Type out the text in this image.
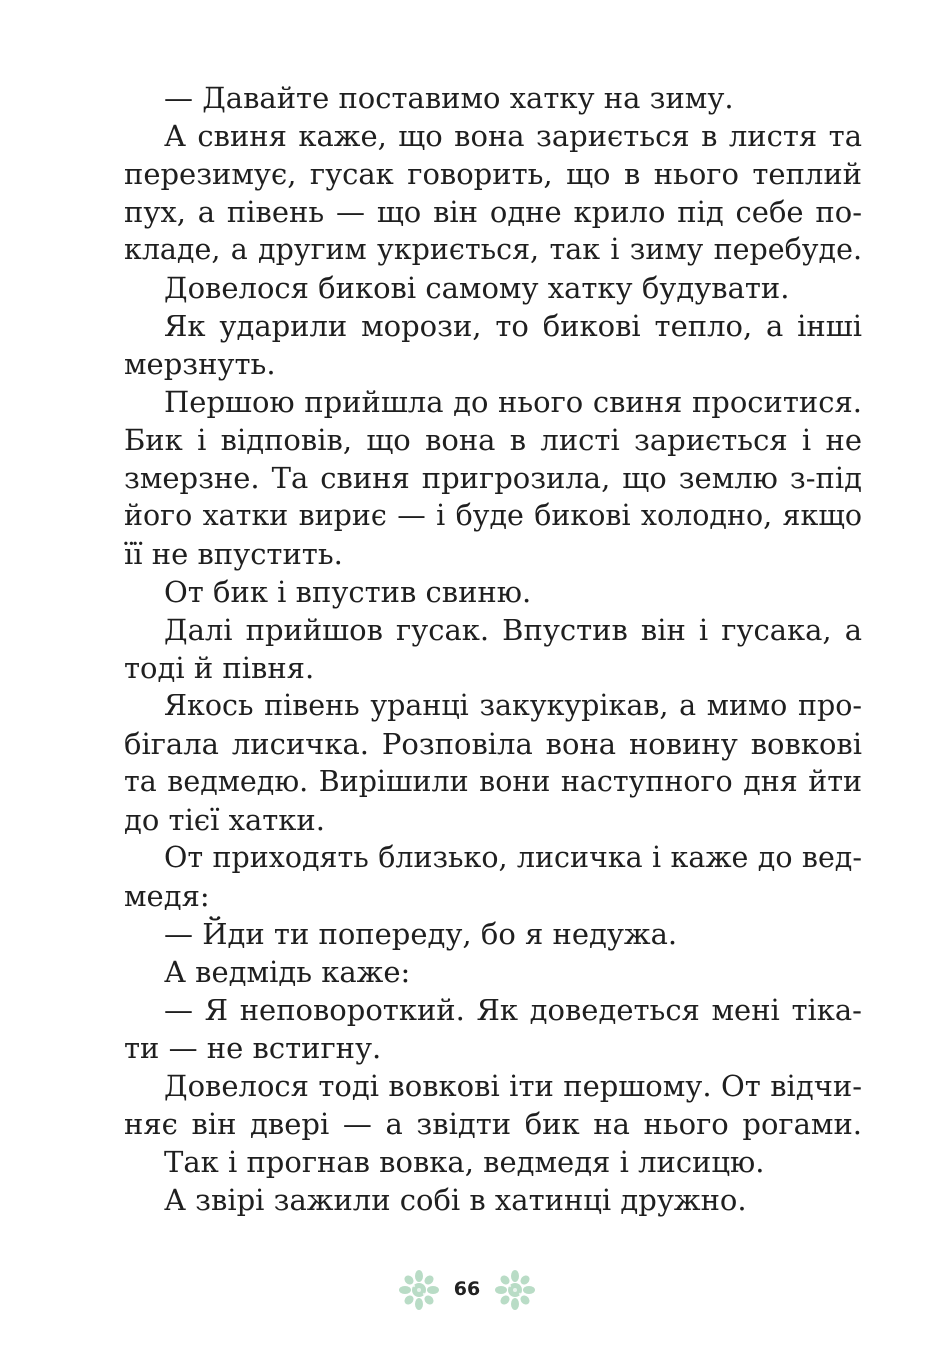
— Давайте поставимо хатку на зиму.
А свиня каже, що вона зариється в листя та
перезимує, гусак говорить, що в нього теплий
пух, а півень — що він одне крило під себе по-
кладе, а другим укриється, так і зиму перебуде.
Довелося бикові самому хатку будувати.
Як ударили морози, то бикові тепло, а інші
мерзнуть.
Першою прийшла до нього свиня проситися.
Бик і відповів, що вона в листі зариється і не
змерзне. Та свиня пригрозила, що землю з-під
його хатки вириє — і буде бикові холодно, якщо
її не впустить.
От бик і впустив свиню.
Далі прийшов гусак. Впустив він і гусака, а
тоді й півня.
Якось півень уранці закукурікав, а мимо про-
бігала лисичка. Розповіла вона новину вовкові
та ведмедю. Вирішили вони наступного дня йти
до тієї хатки.
От приходять близько, лисичка і каже до вед-
медя:
— Йди ти попереду, бо я недужа.
А ведмідь каже:
— Я неповороткий. Як доведеться мені тіка-
ти — не встигну.
Довелося тоді вовкові іти першому. От відчи-
няє він двері — а звідти бик на нього рогами.
Так і прогнав вовка, ведмедя і лисицю.
А звірі зажили собі в хатинці дружно.
66
